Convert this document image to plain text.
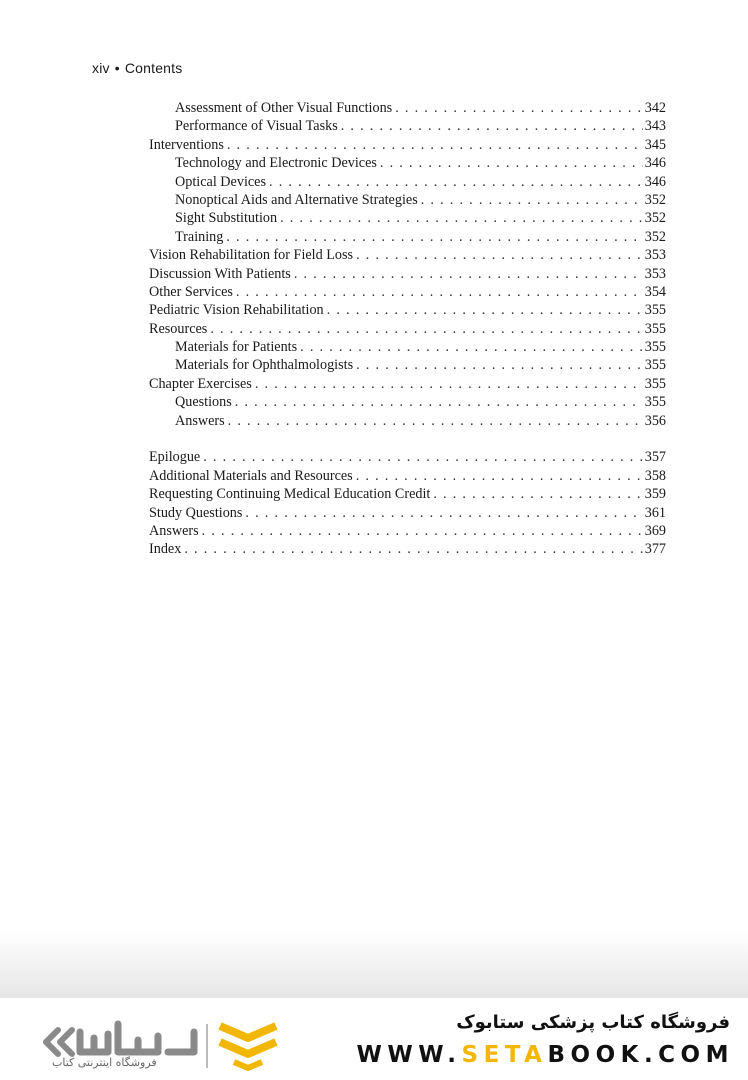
xiv • Contents
Assessment of Other Visual Functions . . .	342
Performance of Visual Tasks . . .	343
Interventions . . .	345
Technology and Electronic Devices . . .	346
Optical Devices . . .	346
Nonoptical Aids and Alternative Strategies . . .	352
Sight Substitution . . .	352
Training . . .	352
Vision Rehabilitation for Field Loss . . .	353
Discussion With Patients . . .	353
Other Services . . .	354
Pediatric Vision Rehabilitation . . .	355
Resources . . .	355
Materials for Patients . . .	355
Materials for Ophthalmologists . . .	355
Chapter Exercises . . .	355
Questions . . .	355
Answers . . .	356
Epilogue . . .	357
Additional Materials and Resources . . .	358
Requesting Continuing Medical Education Credit . . .	359
Study Questions . . .	361
Answers . . .	369
Index . . .	377
فروشگاه اینترنتی کتاب
فروشگاه کتاب پزشکی ستابوک
WWW.SETABOOK.COM
